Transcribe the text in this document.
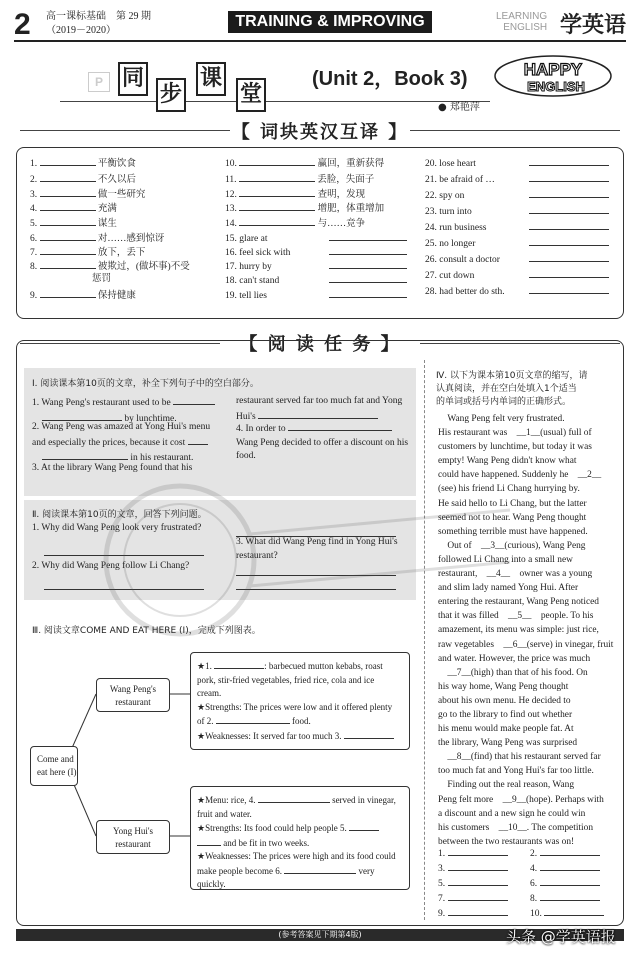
2 高一课标基础　第 29 期
（2019－2020）
TRAINING & IMPROVING	LEARNING
ENGLISH 学英语
P 同
步
课
堂
(Unit 2，Book 3)
● 郑艳萍
HAPPY
ENGLISH
【 词块英汉互译 】
1.	平衡饮食
2.	不久以后
3.	做一些研究
4.	充满
5.	谋生
6.	对……感到惊讶
7.	放下，丢下
8.	被欺过，(做坏事)不受
惩罚
9.	保持健康
10.	赢回，重新获得
11.	丢脸，失面子
12.	查明，发现
13.	增肥，体重增加
14.	与……竞争
15. glare at
16. feel sick with
17. hurry by
18. can't stand
19. tell lies
20. lose heart
21. be afraid of …
22. spy on
23. turn into
24. run business
25. no longer
26. consult a doctor
27. cut down
28. had better do sth.
【 阅 读 任 务 】
Ⅰ. 阅读课本第10页的文章，补全下列句子中的空白部分。
1. Wang Peng's restaurant used to be
by lunchtime.
2. Wang Peng was amazed at Yong Hui's menu
and especially the prices, because it cost
in his restaurant.
3. At the library Wang Peng found that his
restaurant served far too much fat and Yong
Hui's
4. In order to
Wang Peng decided to offer a discount on his
food.
Ⅱ. 阅读课本第10页的文章，回答下列问题。
1. Why did Wang Peng look very frustrated?
2. Why did Wang Peng follow Li Chang?
3. What did Wang Peng find in Yong Hui's
restaurant?
Ⅲ. 阅读文章COME AND EAT HERE (I)，完成下列图表。
Come and
eat here (I)
Wang Peng's
restaurant
Yong Hui's
restaurant
★1.	: barbecued mutton kebabs, roast
pork, stir-fried vegetables, fried rice, cola and ice
cream.
★Strengths: The prices were low and it offered plenty
of 2.	food.
★Weaknesses: It served far too much 3.
★Menu: rice, 4.	served in vinegar,
fruit and water.
★Strengths: Its food could help people 5.
and be fit in two weeks.
★Weaknesses: The prices were high and its food could
make people become 6.	very
quickly.
Ⅳ. 以下为课本第10页文章的缩写，请
认真阅读，并在空白处填入1个适当
的单词或括号内单词的正确形式。
　Wang Peng felt very frustrated.
His restaurant was　__1__(usual) full of
customers by lunchtime, but today it was
empty! Wang Peng didn't know what
could have happened. Suddenly he　__2__
(see) his friend Li Chang hurrying by.
He said hello to Li Chang, but the latter
seemed not to hear. Wang Peng thought
something terrible must have happened.
　Out of　__3__(curious), Wang Peng
followed Li Chang into a small new
restaurant,　__4__　owner was a young
and slim lady named Yong Hui. After
entering the restaurant, Wang Peng noticed
that it was filled　__5__　people. To his
amazement, its menu was simple: just rice,
raw vegetables　__6__(serve) in vinegar, fruit
and water. However, the price was much
　__7__(high) than that of his food. On
his way home, Wang Peng thought
about his own menu. He decided to
go to the library to find out whether
his menu would make people fat. At
the library, Wang Peng was surprised
　__8__(find) that his restaurant served far
too much fat and Yong Hui's far too little.
　Finding out the real reason, Wang
Peng felt more　__9__(hope). Perhaps with
a discount and a new sign he could win
his customers　__10__. The competition
between the two restaurants was on!
1.	2.
3.	4.
5.	6.
7.	8.
9.	10.
(参考答案见下期第4版)	头条 @学英语报
